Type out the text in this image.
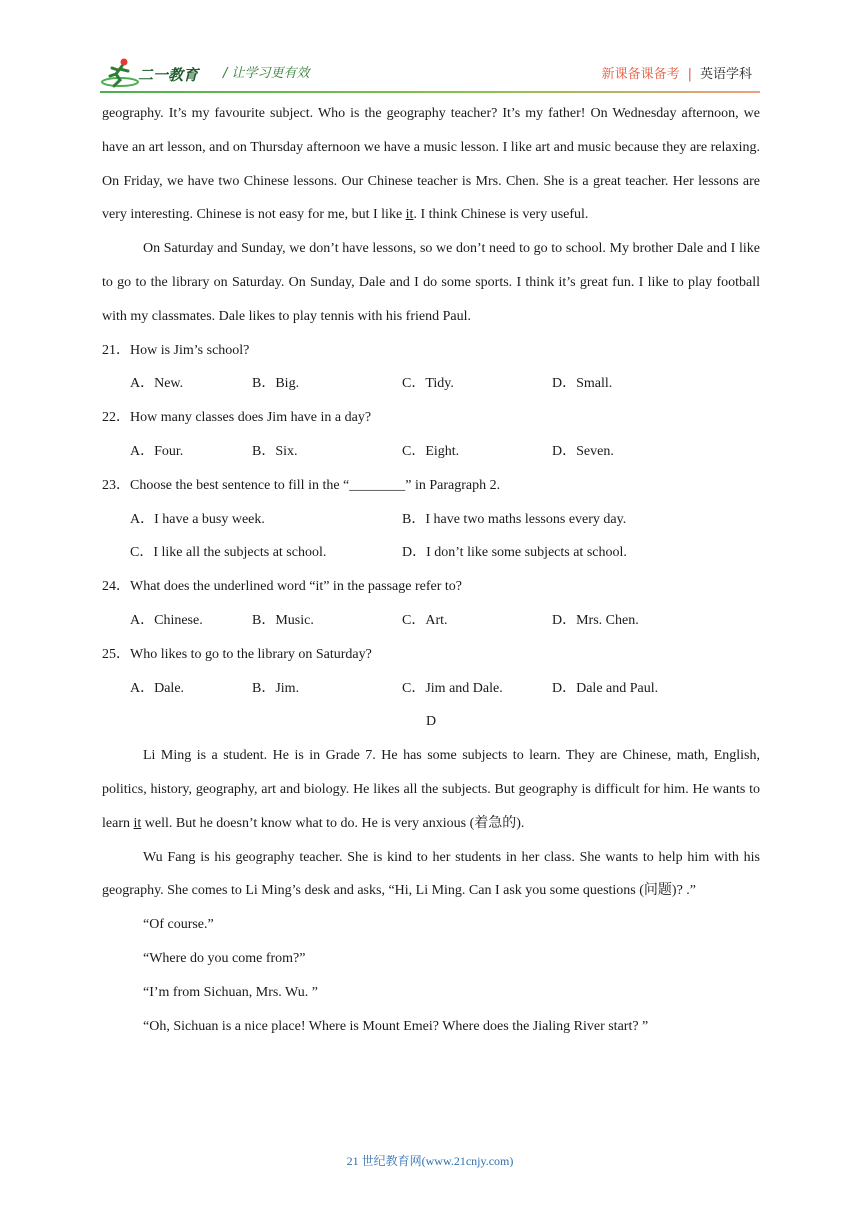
二一教育 / 让学习更有效	新课备课备考 | 英语学科

geography. It’s my favourite subject. Who is the geography teacher? It’s my father! On Wednesday afternoon, we have an art lesson, and on Thursday afternoon we have a music lesson. I like art and music because they are relaxing. On Friday, we have two Chinese lessons. Our Chinese teacher is Mrs. Chen. She is a great teacher. Her lessons are very interesting. Chinese is not easy for me, but I like it. I think Chinese is very useful.

On Saturday and Sunday, we don’t have lessons, so we don’t need to go to school. My brother Dale and I like to go to the library on Saturday. On Sunday, Dale and I do some sports. I think it’s great fun. I like to play football with my classmates. Dale likes to play tennis with his friend Paul.

21．How is Jim’s school?
A．New.	B．Big.	C．Tidy.	D．Small.
22．How many classes does Jim have in a day?
A．Four.	B．Six.	C．Eight.	D．Seven.
23．Choose the best sentence to fill in the “________” in Paragraph 2.
A．I have a busy week.	B．I have two maths lessons every day.
C．I like all the subjects at school.	D．I don’t like some subjects at school.
24．What does the underlined word “it” in the passage refer to?
A．Chinese.	B．Music.	C．Art.	D．Mrs. Chen.
25．Who likes to go to the library on Saturday?
A．Dale.	B．Jim.	C．Jim and Dale.	D．Dale and Paul.
D

Li Ming is a student. He is in Grade 7. He has some subjects to learn. They are Chinese, math, English, politics, history, geography, art and biology. He likes all the subjects. But geography is difficult for him. He wants to learn it well. But he doesn’t know what to do. He is very anxious (着急的).

Wu Fang is his geography teacher. She is kind to her students in her class. She wants to help him with his geography. She comes to Li Ming’s desk and asks, “Hi, Li Ming. Can I ask you some questions (问题)? .”

“Of course.”

“Where do you come from?”

“I’m from Sichuan, Mrs. Wu. ”

“Oh, Sichuan is a nice place! Where is Mount Emei? Where does the Jialing River start? ”

21 世纪教育网(www.21cnjy.com)
